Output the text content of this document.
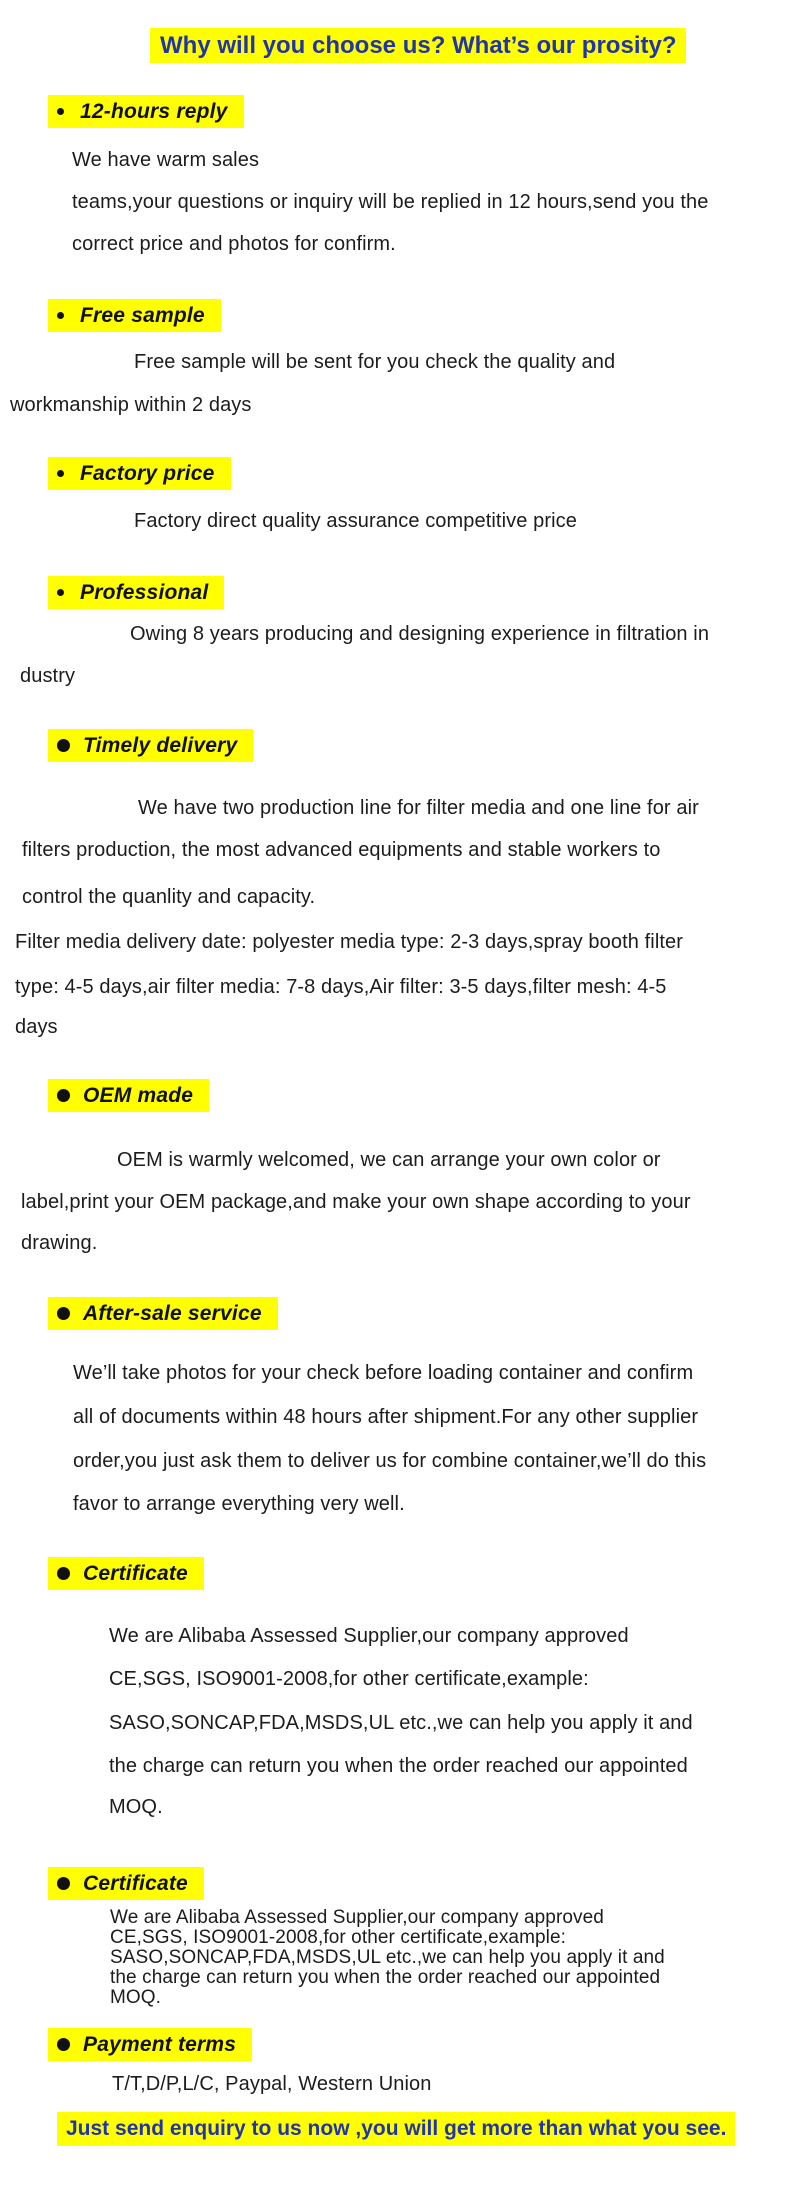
Why will you choose us? What’s our prosity?
12-hours reply
We have warm sales
teams,your questions or inquiry will be replied in 12 hours,send you the
correct price and photos for confirm.
Free sample
Free sample will be sent for you check the quality and
workmanship within 2 days
Factory price
Factory direct quality assurance competitive price
Professional
Owing 8 years producing and designing experience in filtration in
dustry
Timely delivery
We have two production line for filter media and one line for air
filters production, the most advanced equipments and stable workers to
control the quanlity and capacity.
Filter media delivery date: polyester media type: 2-3 days,spray booth filter
type: 4-5 days,air filter media: 7-8 days,Air filter: 3-5 days,filter mesh: 4-5
days
OEM made
OEM is warmly welcomed, we can arrange your own color or
label,print your OEM package,and make your own shape according to your
drawing.
After-sale service
We’ll take photos for your check before loading container and confirm
all of documents within 48 hours after shipment.For any other supplier
order,you just ask them to deliver us for combine container,we’ll do this
favor to arrange everything very well.
Certificate
We are Alibaba Assessed Supplier,our company approved
CE,SGS, ISO9001-2008,for other certificate,example:
SASO,SONCAP,FDA,MSDS,UL etc.,we can help you apply it and
the charge can return you when the order reached our appointed
MOQ.
Certificate
We are Alibaba Assessed Supplier,our company approved
CE,SGS, ISO9001-2008,for other certificate,example:
SASO,SONCAP,FDA,MSDS,UL etc.,we can help you apply it and
the charge can return you when the order reached our appointed
MOQ.
Payment terms
T/T,D/P,L/C, Paypal, Western Union
Just send enquiry to us now ,you will get more than what you see.
